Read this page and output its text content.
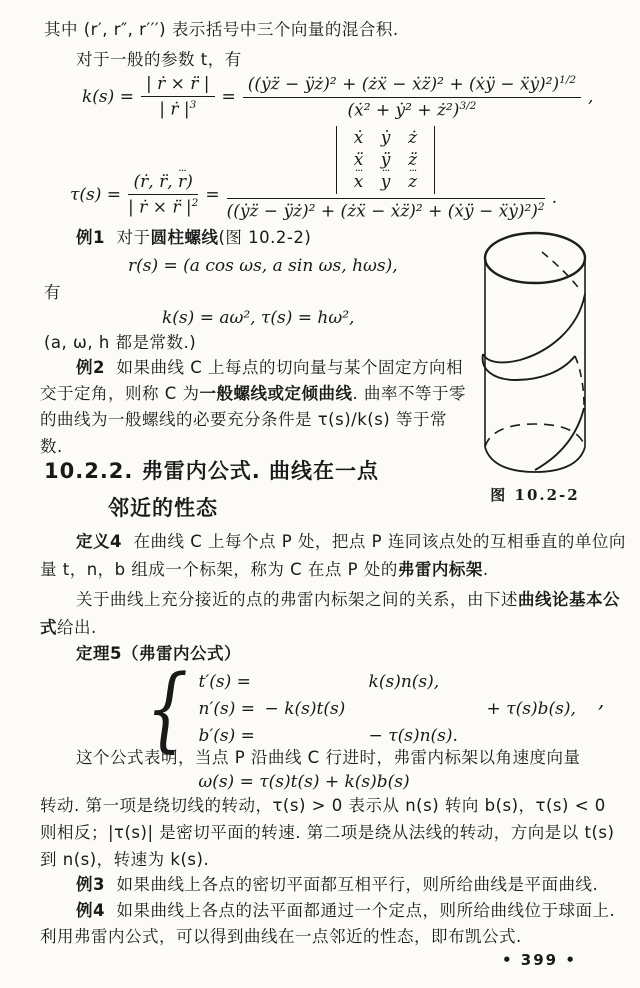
其中 (r′, r″, r′′′) 表示括号中三个向量的混合积.
对于一般的参数 t，有
$k(s) = \frac{\text{| ṙ × r̈ |}}{| ṙ |^3} = \frac{((ẏz̈ - ÿż)^2 + (żẍ - ẋz̈)^2 + (ẋÿ - ẍẏ)^2)^{1/2}}{(ẋ^2 + ẏ^2 + ż^2)^{3/2}}$ ,
$\tau(s) = \frac{\text{(ṙ, r̈, r ···)}}{| ṙ \times r̈ |^2}$ = ẋ	ẏ	ż
ẍ	ÿ	z̈
x ···	y ···	z ···
((ẏz̈ − ÿż)² + (żẍ − ẋz̈)² + (ẋÿ − ẍẏ)²)$^2$ .
例1 对于圆柱螺线(图 10.2-2)
r(s) = (a cos ωs, a sin ωs, hωs),
有
k(s) = aω², τ(s) = hω²,
(a, ω, h 都是常数.)
例2 如果曲线 C 上每点的切向量与某个固定方向相
交于定角，则称 C 为一般螺线或定倾曲线. 曲率不等于零
的曲线为一般螺线的必要充分条件是 τ(s)/k(s) 等于常
数.
10.2.2. 弗雷内公式. 曲线在一点
邻近的性态
图 10.2-2
定义4 在曲线 C 上每个点 P 处，把点 P 连同该点处的互相垂直的单位向
量 t，n，b 组成一个标架，称为 C 在点 P 处的弗雷内标架.
关于曲线上充分接近的点的弗雷内标架之间的关系，由下述曲线论基本公
式给出.
定理5（弗雷内公式）
{ t′(s) =	k(s)n(s),
n′(s) = − k(s)t(s)	+ τ(s)b(s),
b′(s) =	− τ(s)n(s).
,
这个公式表明，当点 P 沿曲线 C 行进时，弗雷内标架以角速度向量
ω(s) = τ(s)t(s) + k(s)b(s)
转动. 第一项是绕切线的转动，τ(s) > 0 表示从 n(s) 转向 b(s)，τ(s) < 0
则相反；|τ(s)| 是密切平面的转速. 第二项是绕从法线的转动，方向是以 t(s)
到 n(s)，转速为 k(s).
例3 如果曲线上各点的密切平面都互相平行，则所给曲线是平面曲线.
例4 如果曲线上各点的法平面都通过一个定点，则所给曲线位于球面上.
利用弗雷内公式，可以得到曲线在一点邻近的性态，即布凯公式.
• 399 •
